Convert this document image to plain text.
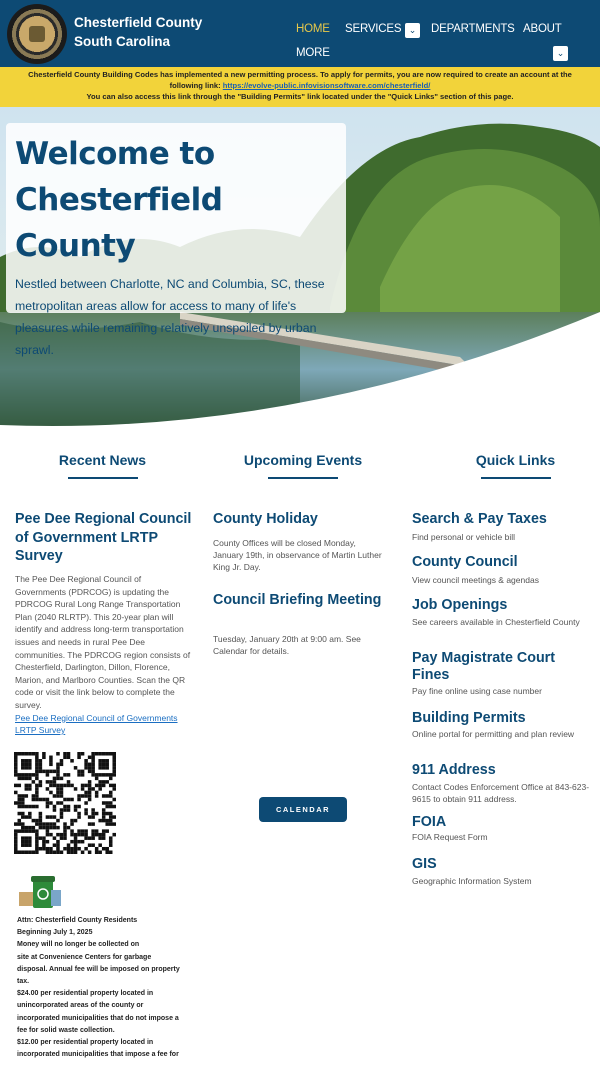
Chesterfield County
South Carolina
HOME SERVICES ⌄	DEPARTMENTS ABOUT
MORE	⌄
Chesterfield County Building Codes has implemented a new permitting process. To apply for permits, you are now required to create an account at the following link: https://evolve-public.infovisionsoftware.com/chesterfield/
You can also access this link through the "Building Permits" link located under the "Quick Links" section of this page.
Welcome to
Chesterfield County

Nestled between Charlotte, NC and Columbia, SC, these metropolitan areas allow for access to many of life's pleasures while remaining relatively unspoiled by urban sprawl.

Recent News	Upcoming Events	Quick Links
Pee Dee Regional Council of Government LRTP Survey
The Pee Dee Regional Council of Governments (PDRCOG) is updating the PDRCOG Rural Long Range Transportation Plan (2040 RLRTP). This 20-year plan will identify and address long-term transportation issues and needs in rural Pee Dee communities. The PDRCOG region consists of Chesterfield, Darlington, Dillon, Florence, Marion, and Marlboro Counties. Scan the QR code or visit the link below to complete the survey.
Pee Dee Regional Council of Governments LRTP Survey
Attn: Chesterfield County Residents
Beginning July 1, 2025
Money will no longer be collected on
site at Convenience Centers for garbage
disposal. Annual fee will be imposed on property
tax.
$24.00 per residential property located in
unincorporated areas of the county or
incorporated municipalities that do not impose a
fee for solid waste collection.
$12.00 per residential property located in
incorporated municipalities that impose a fee for
County Holiday
County Offices will be closed Monday, January 19th, in observance of Martin Luther King Jr. Day.
Council Briefing Meeting
Tuesday, January 20th at 9:00 am. See Calendar for details.
CALENDAR
Search & Pay Taxes
Find personal or vehicle bill
County Council
View council meetings & agendas
Job Openings
See careers available in Chesterfield County
Pay Magistrate Court Fines
Pay fine online using case number
Building Permits
Online portal for permitting and plan review
911 Address
Contact Codes Enforcement Office at 843-623-9615 to obtain 911 address.
FOIA
FOIA Request Form
GIS
Geographic Information System
